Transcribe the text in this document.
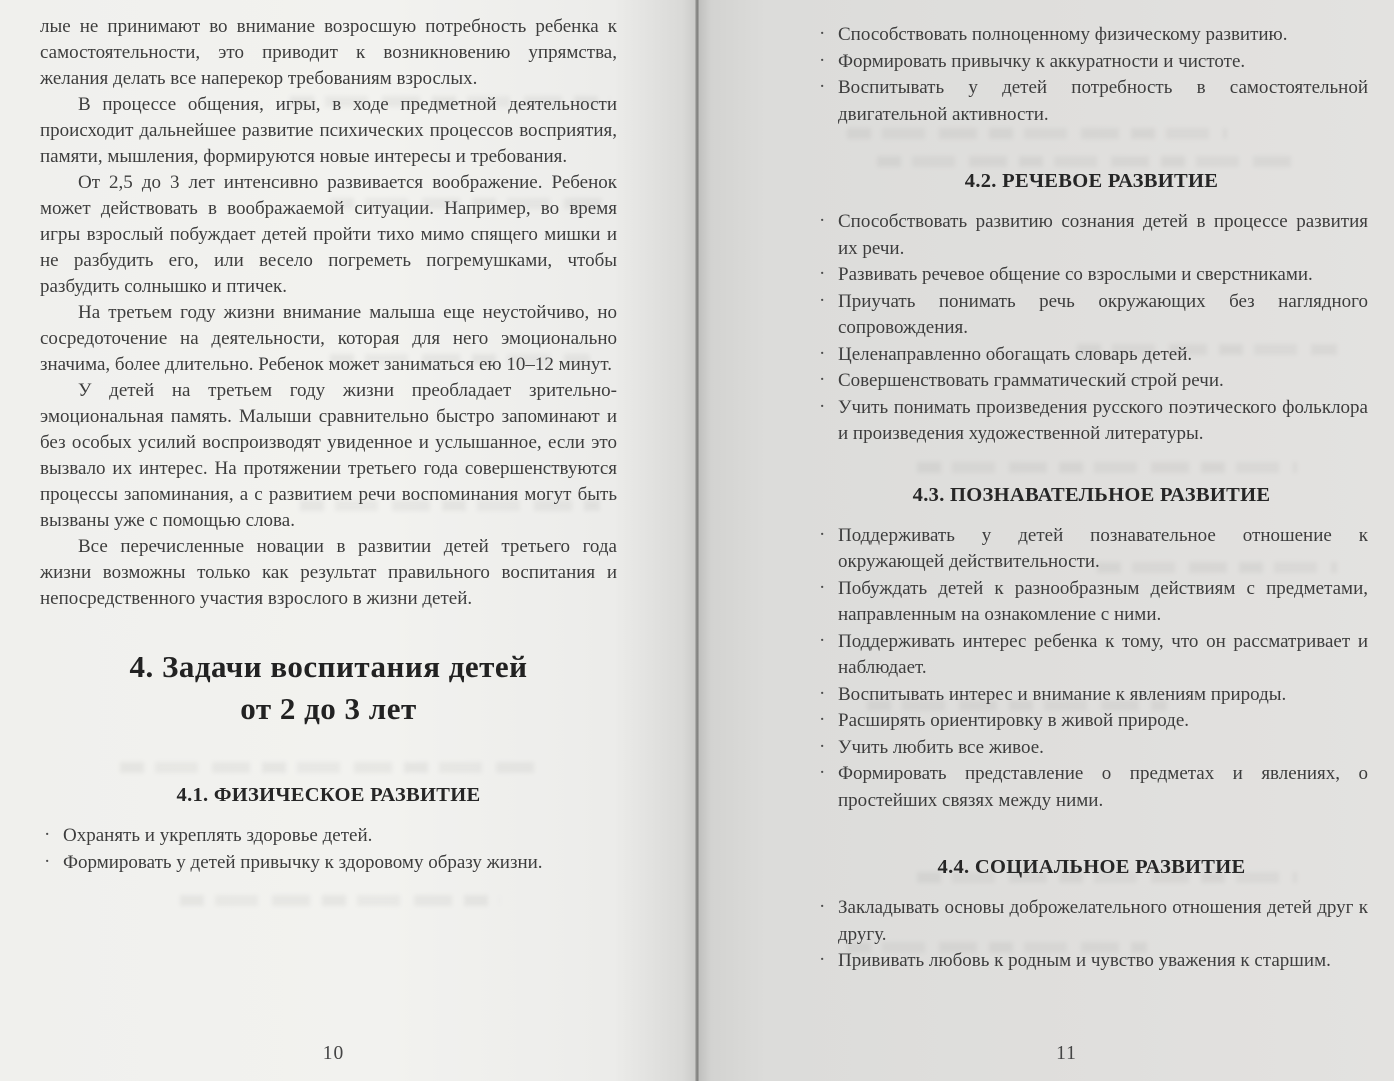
лые не принимают во внимание возросшую потребность ребенка к самостоятельности, это приводит к возникновению упрямства, желания делать все наперекор требованиям взрослых.

В процессе общения, игры, в ходе предметной деятельности происходит дальнейшее развитие психических процессов восприятия, памяти, мышления, формируются новые интересы и требования.

От 2,5 до 3 лет интенсивно развивается воображение. Ребенок может действовать в воображаемой ситуации. Например, во время игры взрослый побуждает детей пройти тихо мимо спящего мишки и не разбудить его, или весело погреметь погремушками, чтобы разбудить солнышко и птичек.

На третьем году жизни внимание малыша еще неустойчиво, но сосредоточение на деятельности, которая для него эмоционально значима, более длительно. Ребенок может заниматься ею 10–12 минут.

У детей на третьем году жизни преобладает зрительно-эмоциональная память. Малыши сравнительно быстро запоминают и без особых усилий воспроизводят увиденное и услышанное, если это вызвало их интерес. На протяжении третьего года совершенствуются процессы запоминания, а с развитием речи воспоминания могут быть вызваны уже с помощью слова.

Все перечисленные новации в развитии детей третьего года жизни возможны только как результат правильного воспитания и непосредственного участия взрослого в жизни детей.

4. Задачи воспитания детей
от 2 до 3 лет
4.1. ФИЗИЧЕСКОЕ РАЗВИТИЕ
· Охранять и укреплять здоровье детей.
· Формировать у детей привычку к здоровому образу жизни.
10
· Способствовать полноценному физическому развитию.
· Формировать привычку к аккуратности и чистоте.
· Воспитывать у детей потребность в самостоятельной двигательной активности.
4.2. РЕЧЕВОЕ РАЗВИТИЕ
· Способствовать развитию сознания детей в процессе развития их речи.
· Развивать речевое общение со взрослыми и сверстниками.
· Приучать понимать речь окружающих без наглядного сопровождения.
· Целенаправленно обогащать словарь детей.
· Совершенствовать грамматический строй речи.
· Учить понимать произведения русского поэтического фольклора и произведения художественной литературы.
4.3. ПОЗНАВАТЕЛЬНОЕ РАЗВИТИЕ
· Поддерживать у детей познавательное отношение к окружающей действительности.
· Побуждать детей к разнообразным действиям с предметами, направленным на ознакомление с ними.
· Поддерживать интерес ребенка к тому, что он рассматривает и наблюдает.
· Воспитывать интерес и внимание к явлениям природы.
· Расширять ориентировку в живой природе.
· Учить любить все живое.
· Формировать представление о предметах и явлениях, о простейших связях между ними.
4.4. СОЦИАЛЬНОЕ РАЗВИТИЕ
· Закладывать основы доброжелательного отношения детей друг к другу.
· Прививать любовь к родным и чувство уважения к старшим.
11
